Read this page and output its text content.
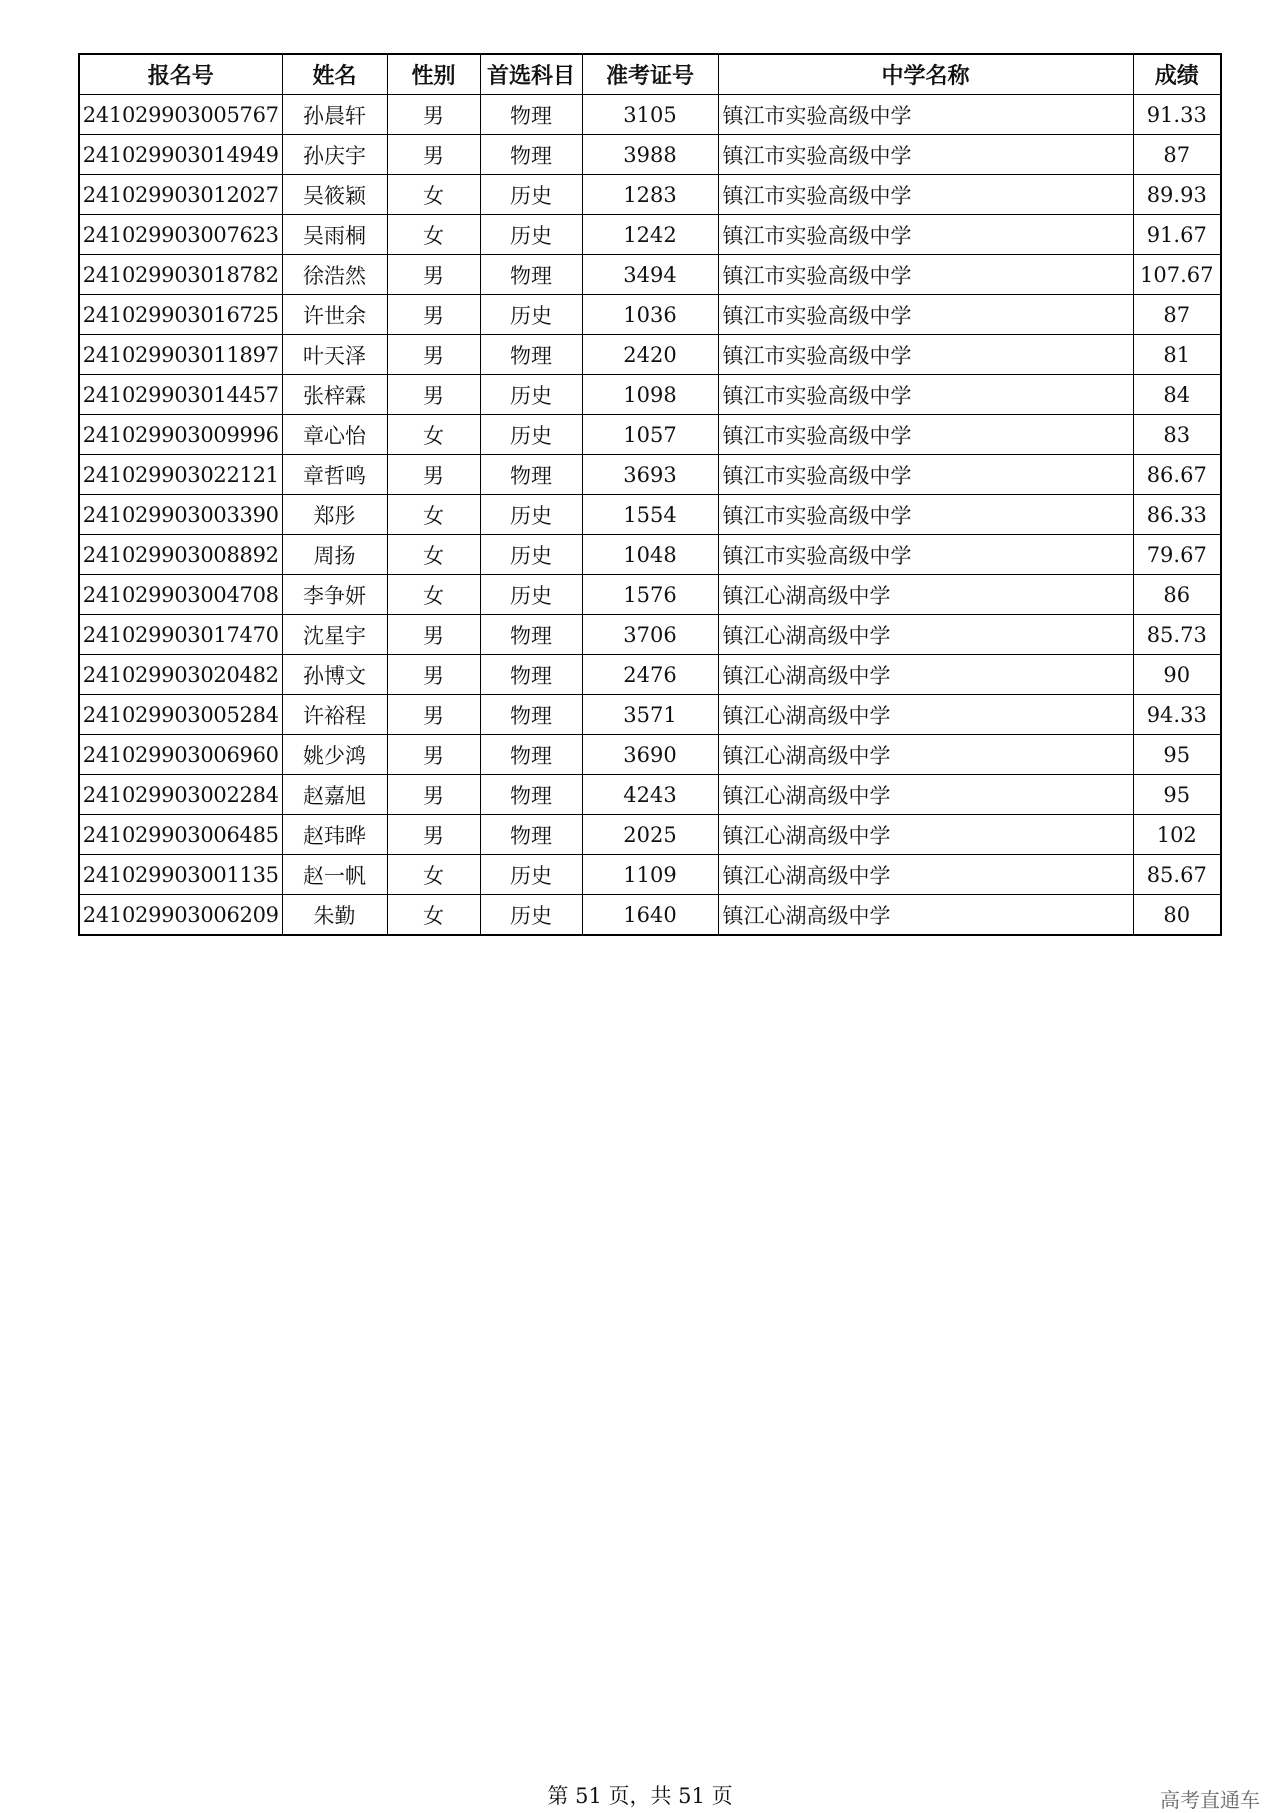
报名号	姓名	性别	首选科目	准考证号	中学名称	成绩
241029903005767	孙晨轩	男	物理	3105	镇江市实验高级中学	91.33
241029903014949	孙庆宇	男	物理	3988	镇江市实验高级中学	87
241029903012027	吴筱颖	女	历史	1283	镇江市实验高级中学	89.93
241029903007623	吴雨桐	女	历史	1242	镇江市实验高级中学	91.67
241029903018782	徐浩然	男	物理	3494	镇江市实验高级中学	107.67
241029903016725	许世余	男	历史	1036	镇江市实验高级中学	87
241029903011897	叶天泽	男	物理	2420	镇江市实验高级中学	81
241029903014457	张梓霖	男	历史	1098	镇江市实验高级中学	84
241029903009996	章心怡	女	历史	1057	镇江市实验高级中学	83
241029903022121	章哲鸣	男	物理	3693	镇江市实验高级中学	86.67
241029903003390	郑彤	女	历史	1554	镇江市实验高级中学	86.33
241029903008892	周扬	女	历史	1048	镇江市实验高级中学	79.67
241029903004708	李争妍	女	历史	1576	镇江心湖高级中学	86
241029903017470	沈星宇	男	物理	3706	镇江心湖高级中学	85.73
241029903020482	孙博文	男	物理	2476	镇江心湖高级中学	90
241029903005284	许裕程	男	物理	3571	镇江心湖高级中学	94.33
241029903006960	姚少鸿	男	物理	3690	镇江心湖高级中学	95
241029903002284	赵嘉旭	男	物理	4243	镇江心湖高级中学	95
241029903006485	赵玮晔	男	物理	2025	镇江心湖高级中学	102
241029903001135	赵一帆	女	历史	1109	镇江心湖高级中学	85.67
241029903006209	朱勤	女	历史	1640	镇江心湖高级中学	80
第 51 页，共 51 页	高考直通车
